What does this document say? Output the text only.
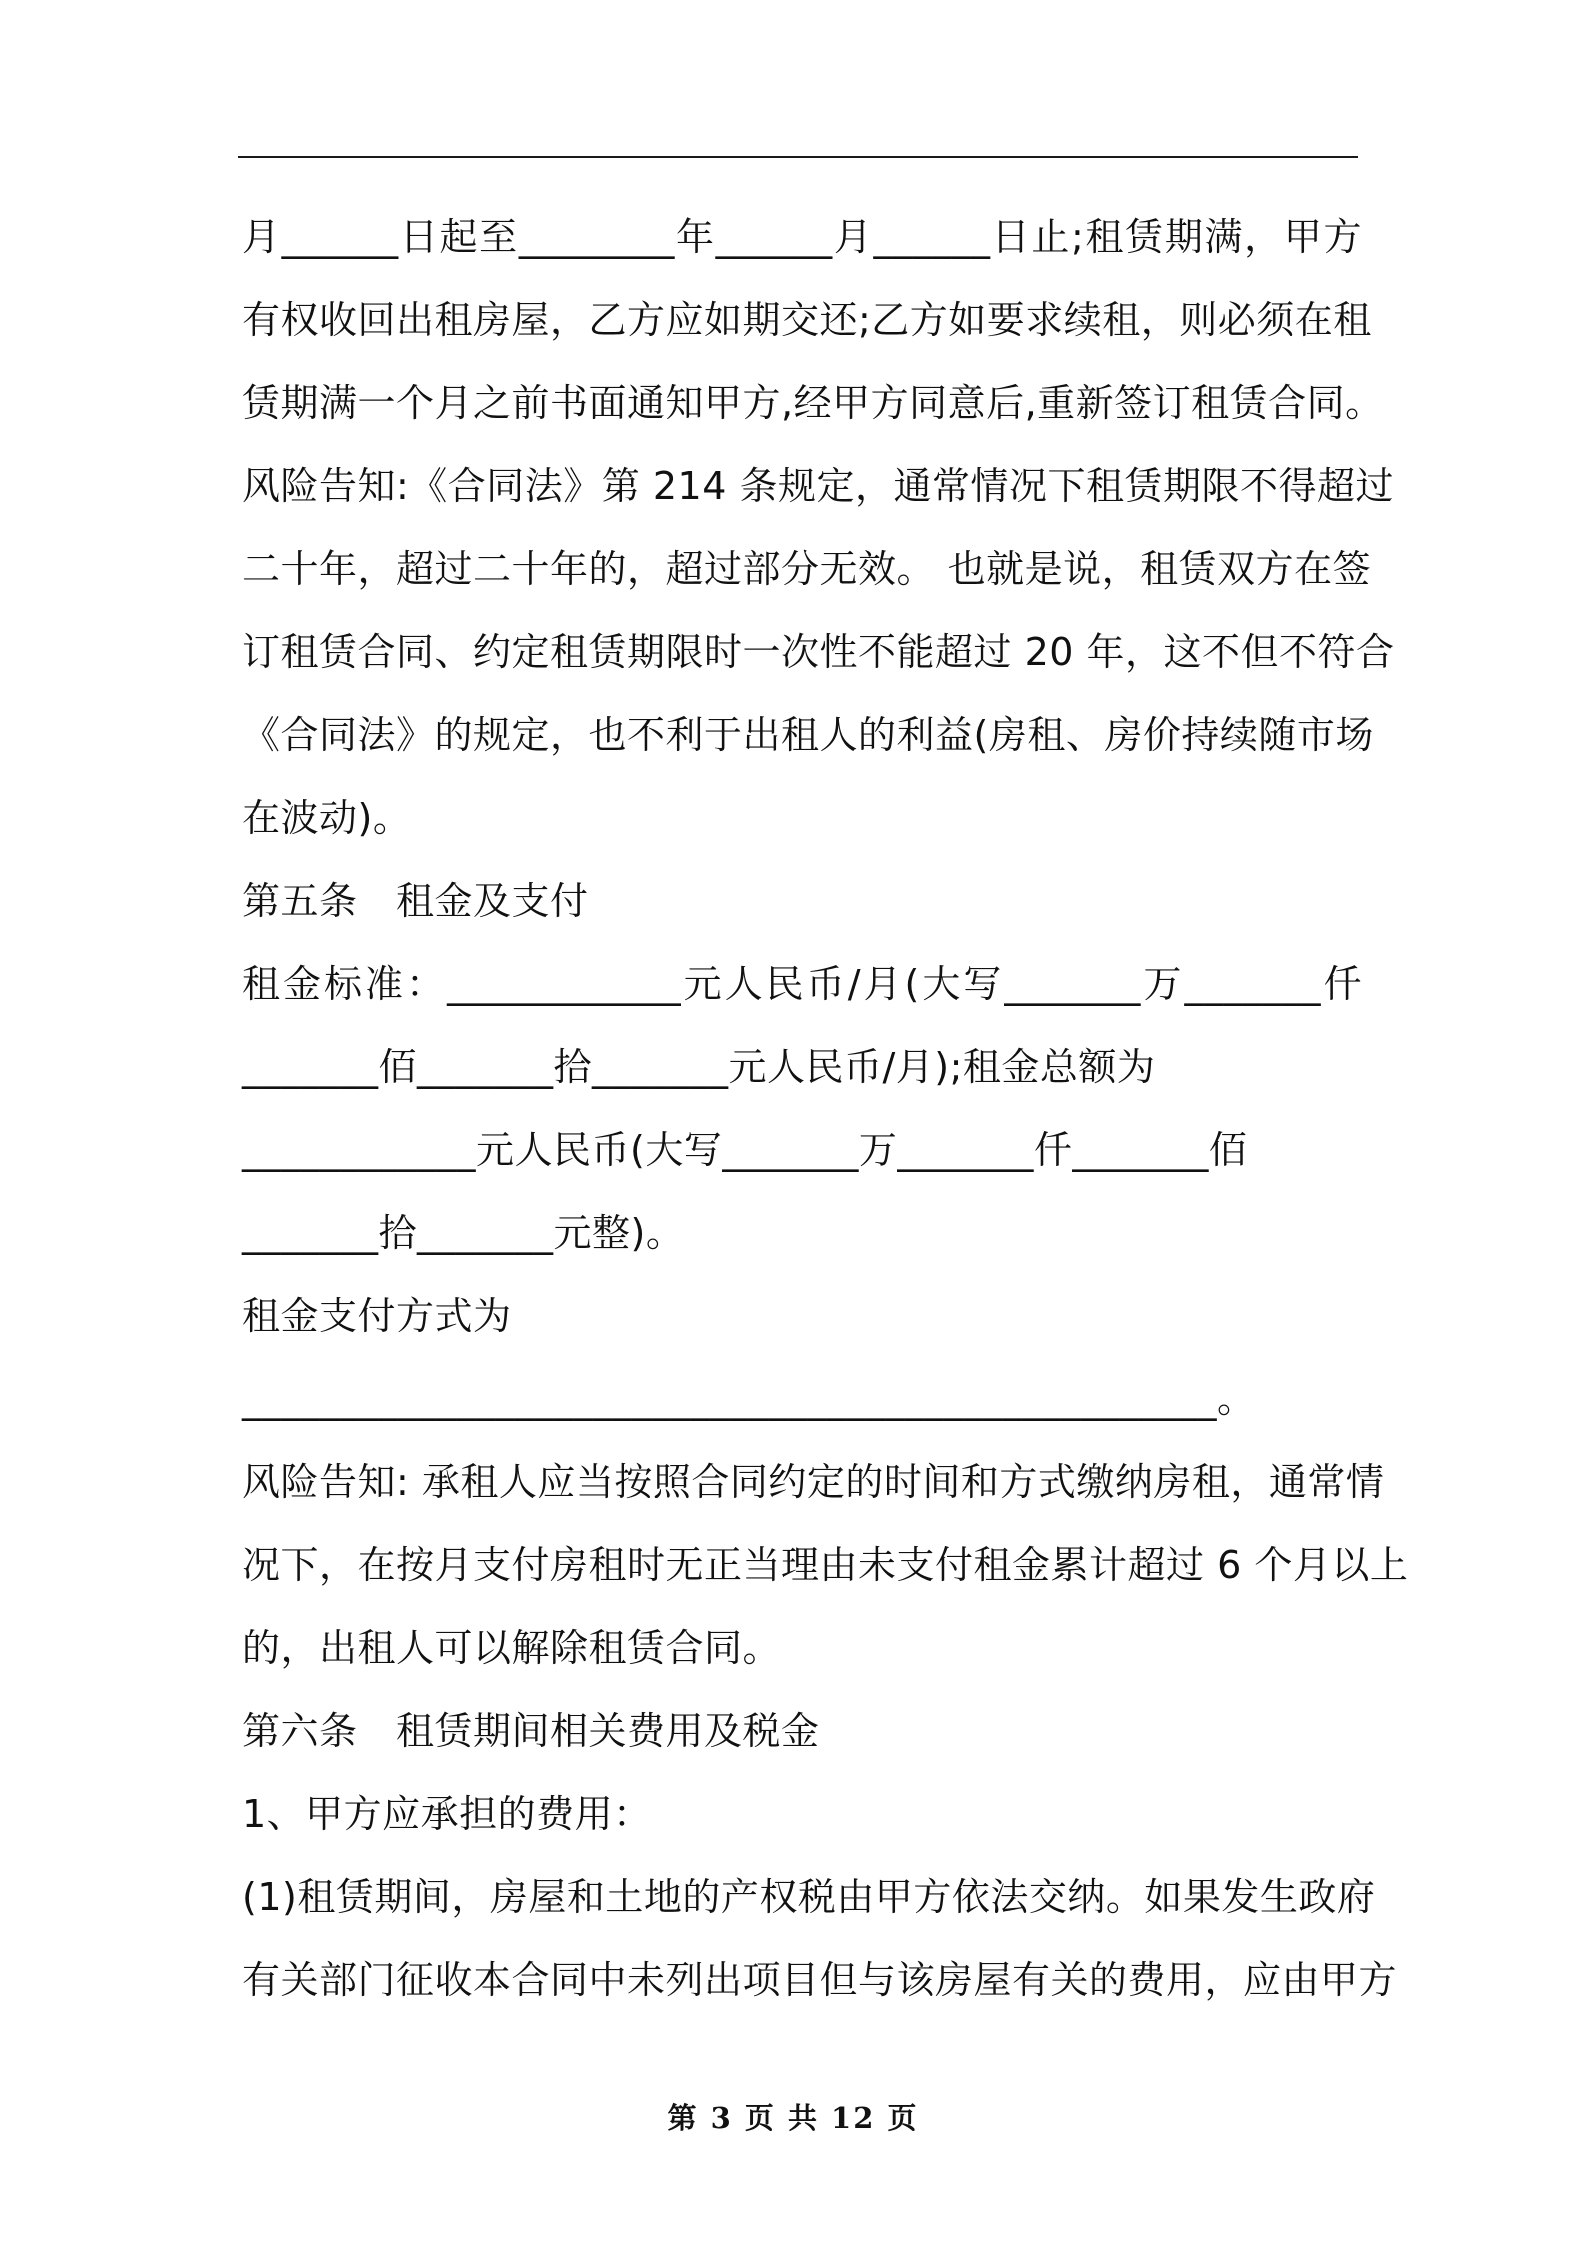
月______日起至________年______月______日止;租赁期满，甲方
有权收回出租房屋，乙方应如期交还;乙方如要求续租，则必须在租
赁期满一个月之前书面通知甲方,经甲方同意后,重新签订租赁合同。
风险告知:《合同法》第 214 条规定，通常情况下租赁期限不得超过
二十年，超过二十年的，超过部分无效。 也就是说，租赁双方在签
订租赁合同、约定租赁期限时一次性不能超过 20 年，这不但不符合
《合同法》的规定，也不利于出租人的利益(房租、房价持续随市场
在波动)。
第五条　租金及支付
租金标准：____________元人民币/月(大写_______万_______仟
_______佰_______拾_______元人民币/月);租金总额为
____________元人民币(大写_______万_______仟_______佰
_______拾_______元整)。
租金支付方式为
__________________________________________________。
风险告知: 承租人应当按照合同约定的时间和方式缴纳房租，通常情
况下，在按月支付房租时无正当理由未支付租金累计超过 6 个月以上
的，出租人可以解除租赁合同。
第六条　租赁期间相关费用及税金
1、甲方应承担的费用：
(1)租赁期间，房屋和土地的产权税由甲方依法交纳。如果发生政府
有关部门征收本合同中未列出项目但与该房屋有关的费用，应由甲方
第 3 页 共 12 页
